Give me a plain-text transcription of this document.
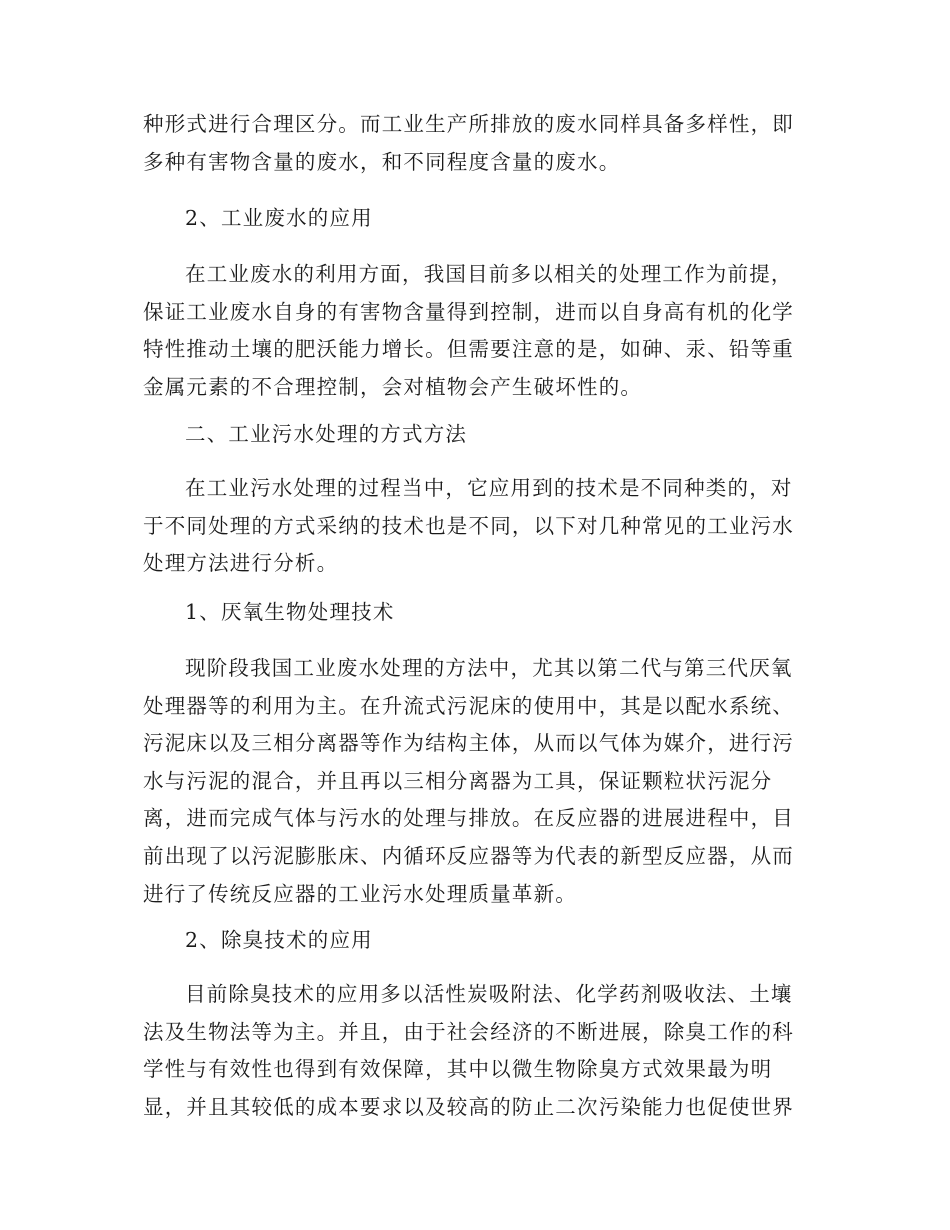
种形式进行合理区分。而工业生产所排放的废水同样具备多样性，即
多种有害物含量的废水，和不同程度含量的废水。
2、工业废水的应用
在工业废水的利用方面，我国目前多以相关的处理工作为前提，
保证工业废水自身的有害物含量得到控制，进而以自身高有机的化学
特性推动土壤的肥沃能力增长。但需要注意的是，如砷、汞、铅等重
金属元素的不合理控制，会对植物会产生破坏性的。
二、工业污水处理的方式方法
在工业污水处理的过程当中，它应用到的技术是不同种类的，对
于不同处理的方式采纳的技术也是不同，以下对几种常见的工业污水
处理方法进行分析。
1、厌氧生物处理技术
现阶段我国工业废水处理的方法中，尤其以第二代与第三代厌氧
处理器等的利用为主。在升流式污泥床的使用中，其是以配水系统、
污泥床以及三相分离器等作为结构主体，从而以气体为媒介，进行污
水与污泥的混合，并且再以三相分离器为工具，保证颗粒状污泥分
离，进而完成气体与污水的处理与排放。在反应器的进展进程中，目
前出现了以污泥膨胀床、内循环反应器等为代表的新型反应器，从而
进行了传统反应器的工业污水处理质量革新。
2、除臭技术的应用
目前除臭技术的应用多以活性炭吸附法、化学药剂吸收法、土壤
法及生物法等为主。并且，由于社会经济的不断进展，除臭工作的科
学性与有效性也得到有效保障，其中以微生物除臭方式效果最为明
显，并且其较低的成本要求以及较高的防止二次污染能力也促使世界
